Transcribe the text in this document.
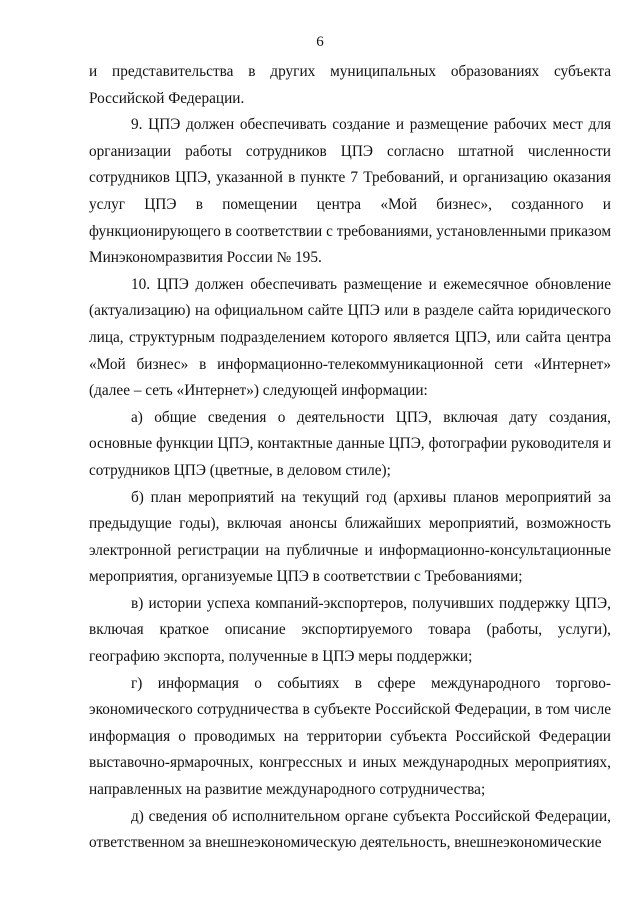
6

и представительства в других муниципальных образованиях субъекта Российской Федерации.

9. ЦПЭ должен обеспечивать создание и размещение рабочих мест для организации работы сотрудников ЦПЭ согласно штатной численности сотрудников ЦПЭ, указанной в пункте 7 Требований, и организацию оказания услуг ЦПЭ в помещении центра «Мой бизнес», созданного и функционирующего в соответствии с требованиями, установленными приказом Минэкономразвития России № 195.

10. ЦПЭ должен обеспечивать размещение и ежемесячное обновление (актуализацию) на официальном сайте ЦПЭ или в разделе сайта юридического лица, структурным подразделением которого является ЦПЭ, или сайта центра «Мой бизнес» в информационно-телекоммуникационной сети «Интернет» (далее – сеть «Интернет») следующей информации:

а) общие сведения о деятельности ЦПЭ, включая дату создания, основные функции ЦПЭ, контактные данные ЦПЭ, фотографии руководителя и сотрудников ЦПЭ (цветные, в деловом стиле);

б) план мероприятий на текущий год (архивы планов мероприятий за предыдущие годы), включая анонсы ближайших мероприятий, возможность электронной регистрации на публичные и информационно-консультационные мероприятия, организуемые ЦПЭ в соответствии с Требованиями;

в) истории успеха компаний-экспортеров, получивших поддержку ЦПЭ, включая краткое описание экспортируемого товара (работы, услуги), географию экспорта, полученные в ЦПЭ меры поддержки;

г) информация о событиях в сфере международного торгово-экономического сотрудничества в субъекте Российской Федерации, в том числе информация о проводимых на территории субъекта Российской Федерации выставочно-ярмарочных, конгрессных и иных международных мероприятиях, направленных на развитие международного сотрудничества;

д) сведения об исполнительном органе субъекта Российской Федерации, ответственном за внешнеэкономическую деятельность, внешнеэкономические
